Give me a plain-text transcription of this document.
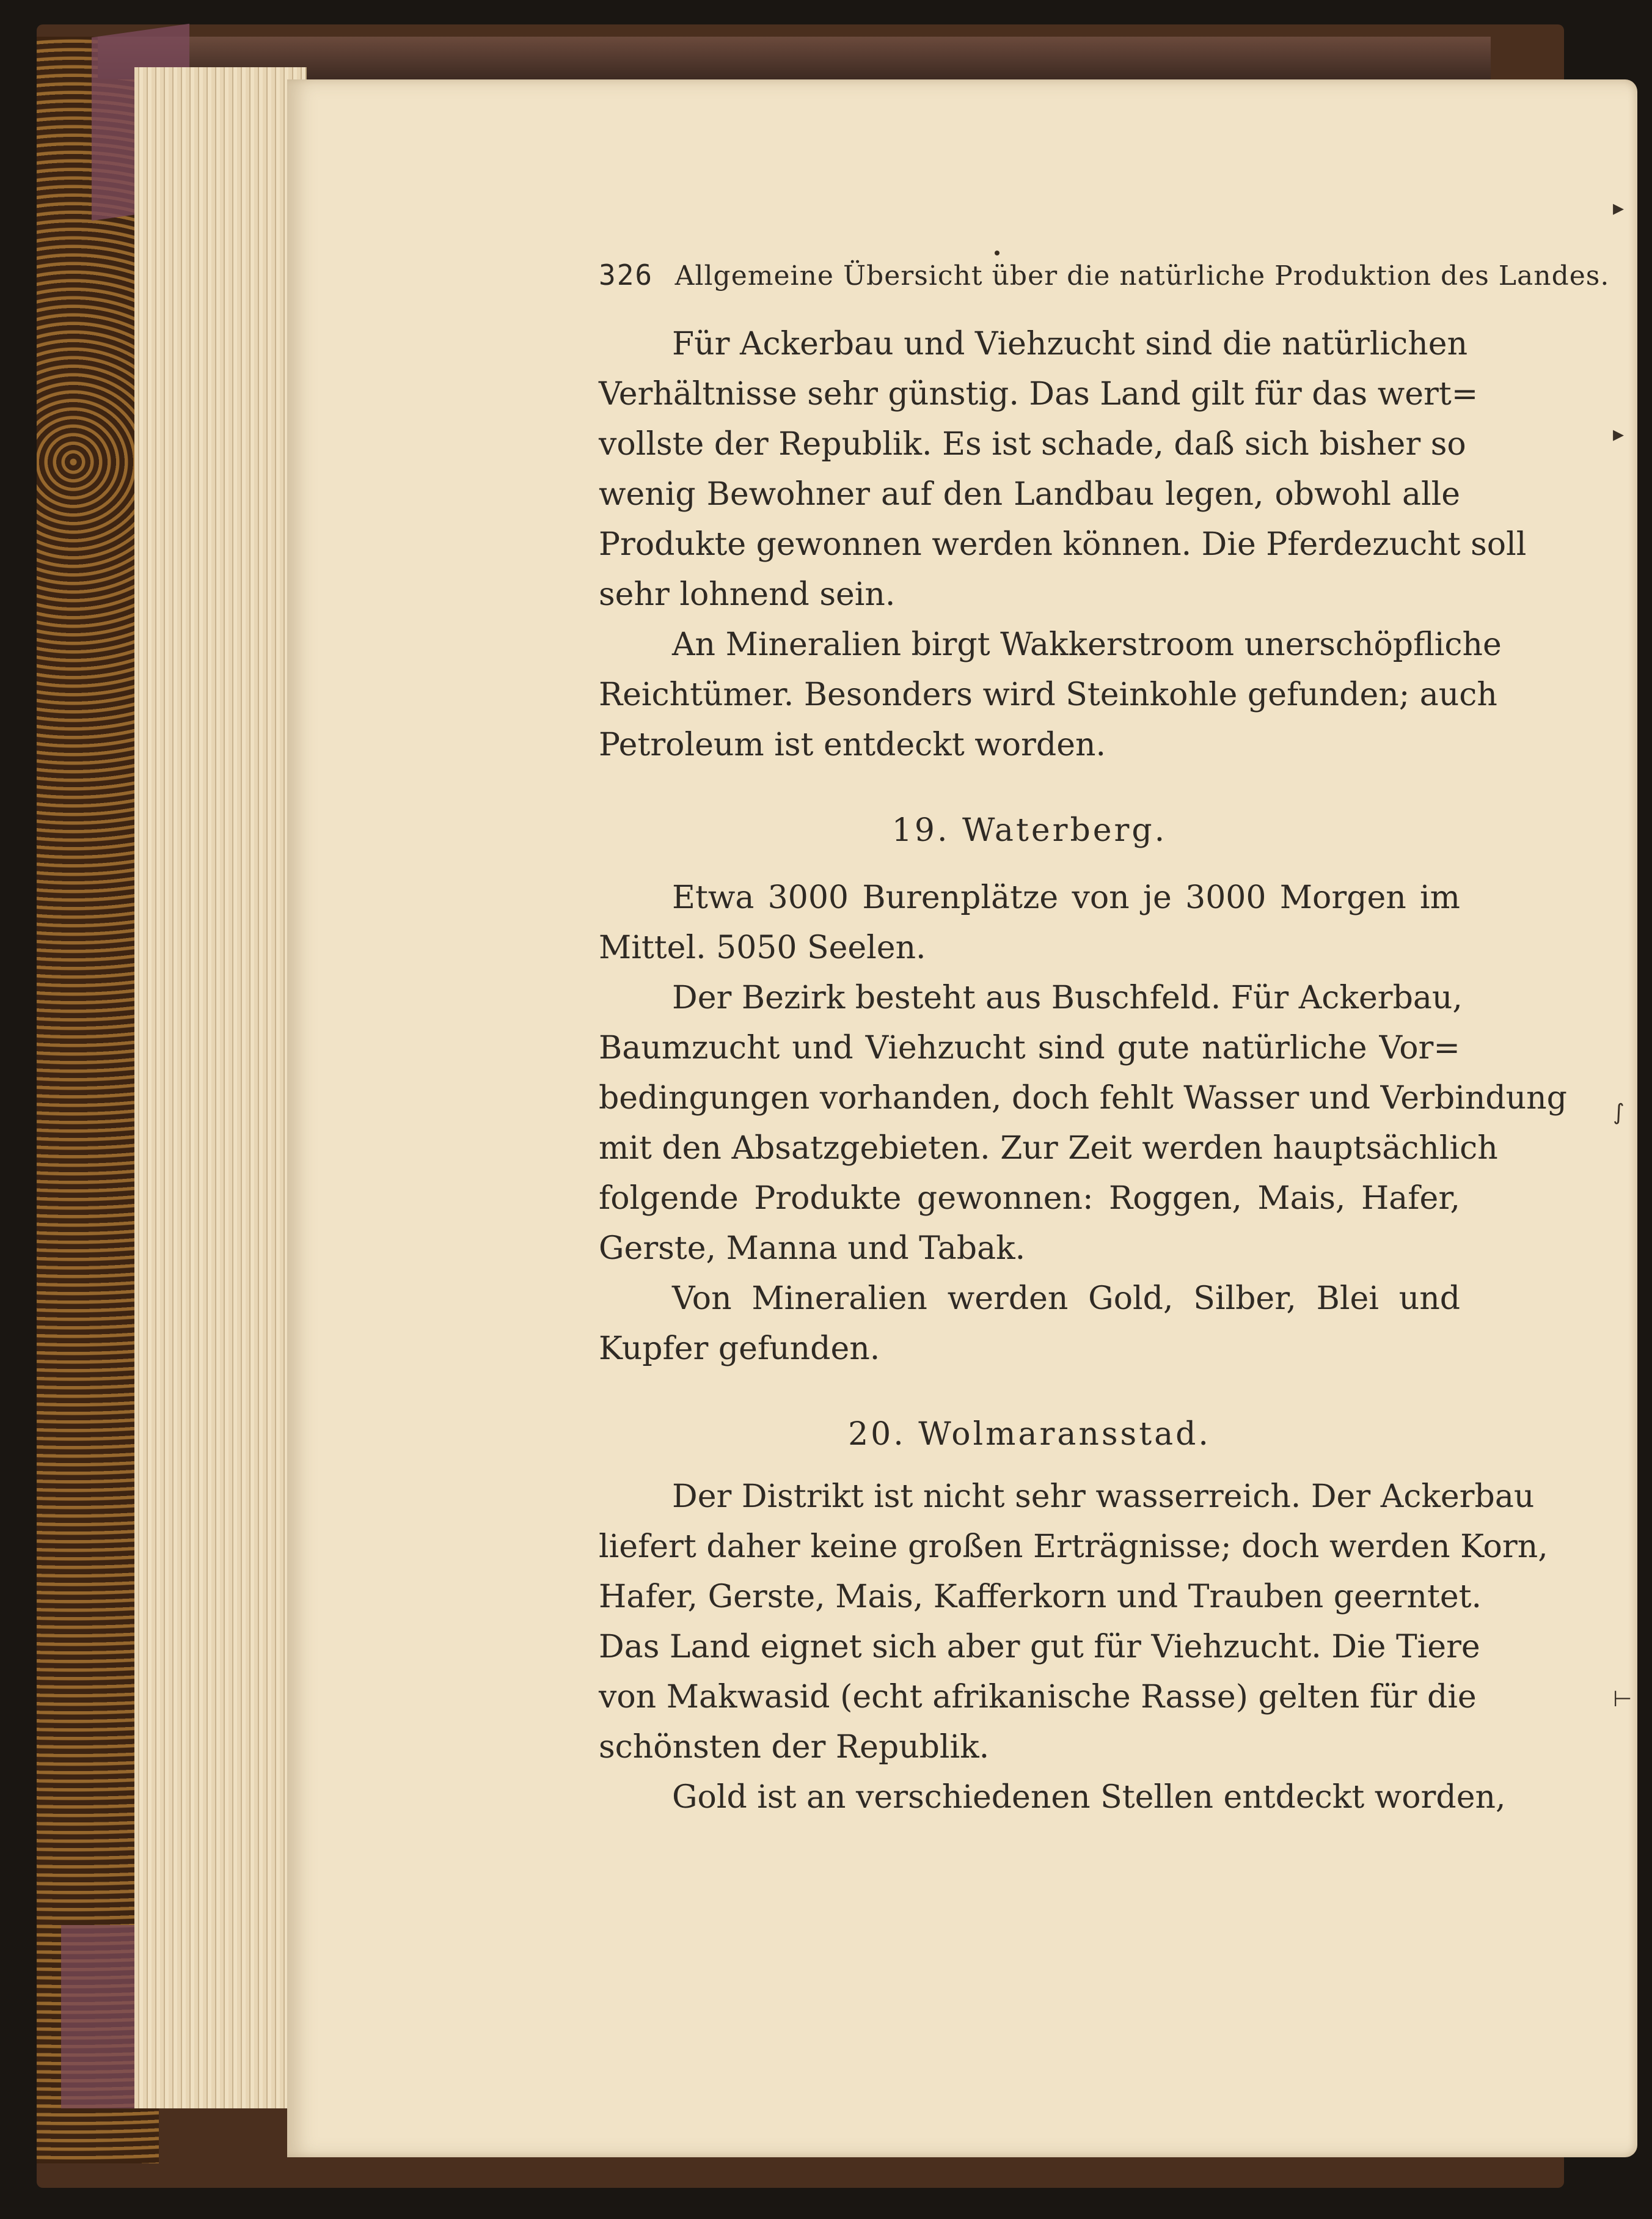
▸
▸
∫
⊢
326 Allgemeine Übersicht über die natürliche Produktion des Landes.
Für Ackerbau und Viehzucht sind die natürlichen
Verhältnisse sehr günstig. Das Land gilt für das wert=
vollste der Republik. Es ist schade, daß sich bisher so
wenig Bewohner auf den Landbau legen, obwohl alle
Produkte gewonnen werden können. Die Pferdezucht soll
sehr lohnend sein.
An Mineralien birgt Wakkerstroom unerschöpfliche
Reichtümer. Besonders wird Steinkohle gefunden; auch
Petroleum ist entdeckt worden.
19. Waterberg.
Etwa 3000 Burenplätze von je 3000 Morgen im
Mittel. 5050 Seelen.
Der Bezirk besteht aus Buschfeld. Für Ackerbau,
Baumzucht und Viehzucht sind gute natürliche Vor=
bedingungen vorhanden, doch fehlt Wasser und Verbindung
mit den Absatzgebieten. Zur Zeit werden hauptsächlich
folgende Produkte gewonnen: Roggen, Mais, Hafer,
Gerste, Manna und Tabak.
Von Mineralien werden Gold, Silber, Blei und
Kupfer gefunden.
20. Wolmaransstad.
Der Distrikt ist nicht sehr wasserreich. Der Ackerbau
liefert daher keine großen Erträgnisse; doch werden Korn,
Hafer, Gerste, Mais, Kafferkorn und Trauben geerntet.
Das Land eignet sich aber gut für Viehzucht. Die Tiere
von Makwasid (echt afrikanische Rasse) gelten für die
schönsten der Republik.
Gold ist an verschiedenen Stellen entdeckt worden,
